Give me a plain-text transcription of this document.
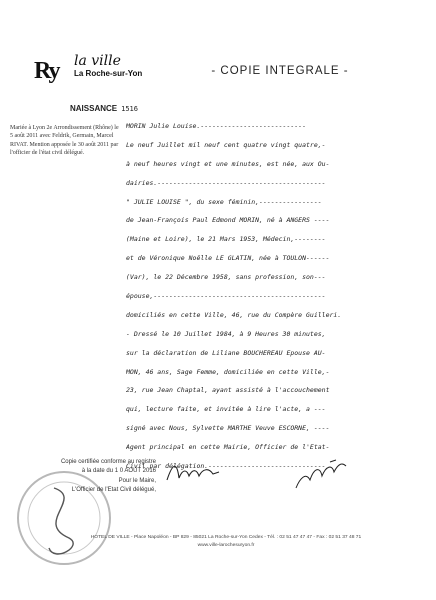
Ry la ville
La Roche-sur-Yon	- COPIE INTEGRALE -
NAISSANCE 1516
Mariée à Lyon 2e Arrondissement (Rhône) le 5 août 2011 avec Feldrik, Germain, Marcel RIVAT. Mention apposée le 30 août 2011 par l'officier de l'état civil délégué.
MORIN Julie Louise.---------------------------
Le neuf Juillet mil neuf cent quatre vingt quatre,-
à neuf heures vingt et une minutes, est née, aux Ou-
dairies.-------------------------------------------
" JULIE LOUISE ", du sexe féminin,----------------
de Jean-François Paul Edmond MORIN, né à ANGERS ----
(Maine et Loire), le 21 Mars 1953, Médecin,--------
et de Véronique Noëlle LE GLATIN, née à TOULON------
(Var), le 22 Décembre 1958, sans profession, son---
épouse,--------------------------------------------
domiciliés en cette Ville, 46, rue du Compère Guilleri.
- Dressé le 10 Juillet 1984, à 9 Heures 30 minutes,
sur la déclaration de Liliane BOUCHEREAU Epouse AU-
MON, 46 ans, Sage Femme, domiciliée en cette Ville,-
23, rue Jean Chaptal, ayant assisté à l'accouchement
qui, lecture faite, et invitée à lire l'acte, a ---
signé avec Nous, Sylvette MARTHE Veuve ESCORNE, ----
Agent principal en cette Mairie, Officier de l'Etat-
Civil par délégation.------------------------------
Copie certifiée conforme au registre
à la date du 1 0 AOUT 2016
Pour le Maire,
L'Officier de l'Etat Civil délégué,
HOTEL DE VILLE - Place Napoléon - BP 829 - 85021 La Roche-sur-Yon Cedex - Tél. : 02 51 47 47 47 - Fax : 02 51 37 48 71
www.ville-larochesuryon.fr
